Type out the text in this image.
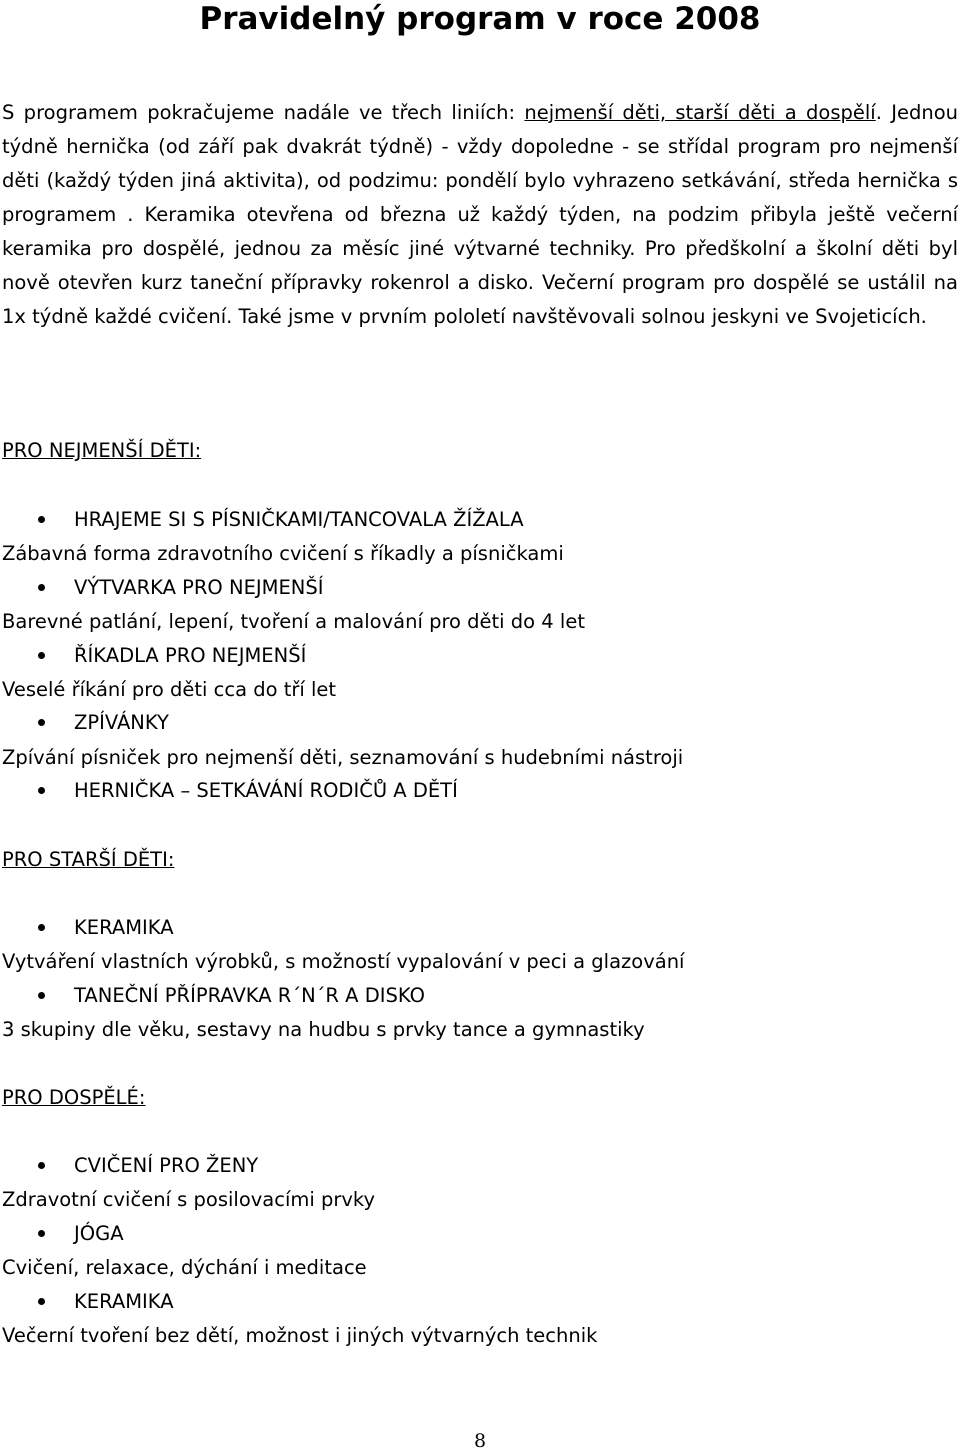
Pravidelný program v roce 2008

S programem pokračujeme nadále ve třech liniích: nejmenší děti, starší děti a dospělí. Jednou týdně hernička (od září pak dvakrát týdně) - vždy dopoledne - se střídal program pro nejmenší děti (každý týden jiná aktivita), od podzimu: pondělí bylo vyhrazeno setkávání, středa hernička s programem . Keramika otevřena od března už každý týden, na podzim přibyla ještě večerní keramika pro dospělé, jednou za měsíc jiné výtvarné techniky. Pro předškolní a školní děti byl nově otevřen kurz taneční přípravky rokenrol a disko. Večerní program pro dospělé se ustálil na 1x týdně každé cvičení. Také jsme v prvním pololetí navštěvovali solnou jeskyni ve Svojeticích.

PRO NEJMENŠÍ DĚTI:
HRAJEME SI S PÍSNIČKAMI/TANCOVALA ŽÍŽALA
Zábavná forma zdravotního cvičení s říkadly a písničkami
VÝTVARKA PRO NEJMENŠÍ
Barevné patlání, lepení, tvoření a malování pro děti do 4 let
ŘÍKADLA PRO NEJMENŠÍ
Veselé říkání pro děti cca do tří let
ZPÍVÁNKY
Zpívání písniček pro nejmenší děti, seznamování s hudebními nástroji
HERNIČKA – SETKÁVÁNÍ RODIČŮ A DĚTÍ
PRO STARŠÍ DĚTI:
KERAMIKA
Vytváření vlastních výrobků, s možností vypalování v peci a glazování
TANEČNÍ PŘÍPRAVKA R´N´R A DISKO
3 skupiny dle věku, sestavy na hudbu s prvky tance a gymnastiky
PRO DOSPĚLÉ:
CVIČENÍ PRO ŽENY
Zdravotní cvičení s posilovacími prvky
JÓGA
Cvičení, relaxace, dýchání i meditace
KERAMIKA
Večerní tvoření bez dětí, možnost i jiných výtvarných technik
8
